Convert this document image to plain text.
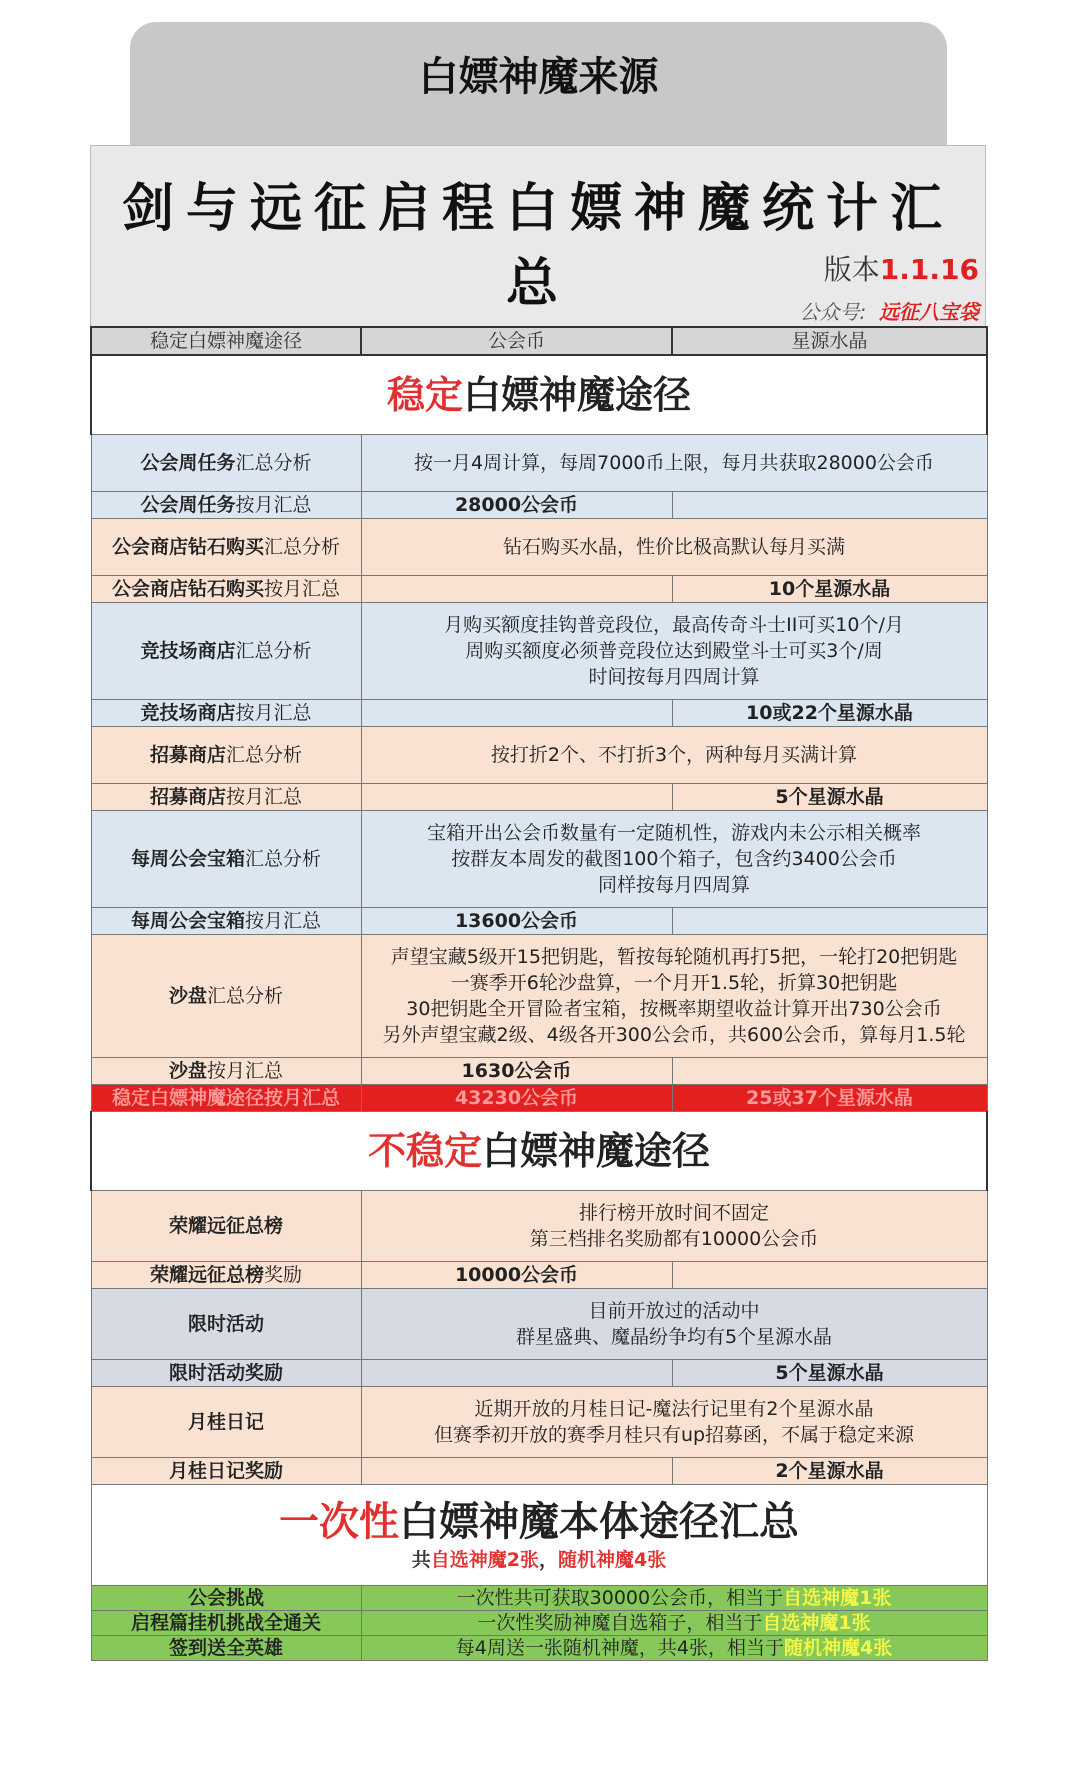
白嫖神魔来源
剑与远征启程白嫖神魔统计汇总	版本1.1.16
公众号: 远征八宝袋
稳定白嫖神魔途径	公会币	星源水晶
稳定白嫖神魔途径		
公会周任务汇总分析	按一月4周计算，每周7000币上限，每月共获取28000公会币	

公会周任务按月汇总	28000公会币	
公会商店钻石购买汇总分析	钻石购买水晶，性价比极高默认每月买满	

公会商店钻石购买按月汇总		10个星源水晶
竞技场商店汇总分析	月购买额度挂钩普竞段位，最高传奇斗士II可买10个/月
周购买额度必须普竞段位达到殿堂斗士可买3个/周
时间按每月四周计算	

竞技场商店按月汇总		10或22个星源水晶
招募商店汇总分析	按打折2个、不打折3个，两种每月买满计算	

招募商店按月汇总		5个星源水晶
每周公会宝箱汇总分析	宝箱开出公会币数量有一定随机性，游戏内未公示相关概率
按群友本周发的截图100个箱子，包含约3400公会币
同样按每月四周算	

每周公会宝箱按月汇总	13600公会币	
沙盘汇总分析	声望宝藏5级开15把钥匙，暂按每轮随机再打5把，一轮打20把钥匙
一赛季开6轮沙盘算，一个月开1.5轮，折算30把钥匙
30把钥匙全开冒险者宝箱，按概率期望收益计算开出730公会币
另外声望宝藏2级、4级各开300公会币，共600公会币，算每月1.5轮	

沙盘按月汇总	1630公会币	
稳定白嫖神魔途径按月汇总	43230公会币	25或37个星源水晶
不稳定白嫖神魔途径		
荣耀远征总榜	排行榜开放时间不固定
第三档排名奖励都有10000公会币	

荣耀远征总榜奖励	10000公会币	
限时活动	目前开放过的活动中
群星盛典、魔晶纷争均有5个星源水晶	

限时活动奖励		5个星源水晶
月桂日记	近期开放的月桂日记-魔法行记里有2个星源水晶
但赛季初开放的赛季月桂只有up招募函，不属于稳定来源	

月桂日记奖励		2个星源水晶

一次性白嫖神魔本体途径汇总
共自选神魔2张，随机神魔4张		

公会挑战	一次性共可获取30000公会币，相当于自选神魔1张	
启程篇挂机挑战全通关	一次性奖励神魔自选箱子，相当于自选神魔1张	
签到送全英雄	每4周送一张随机神魔，共4张，相当于随机神魔4张	
